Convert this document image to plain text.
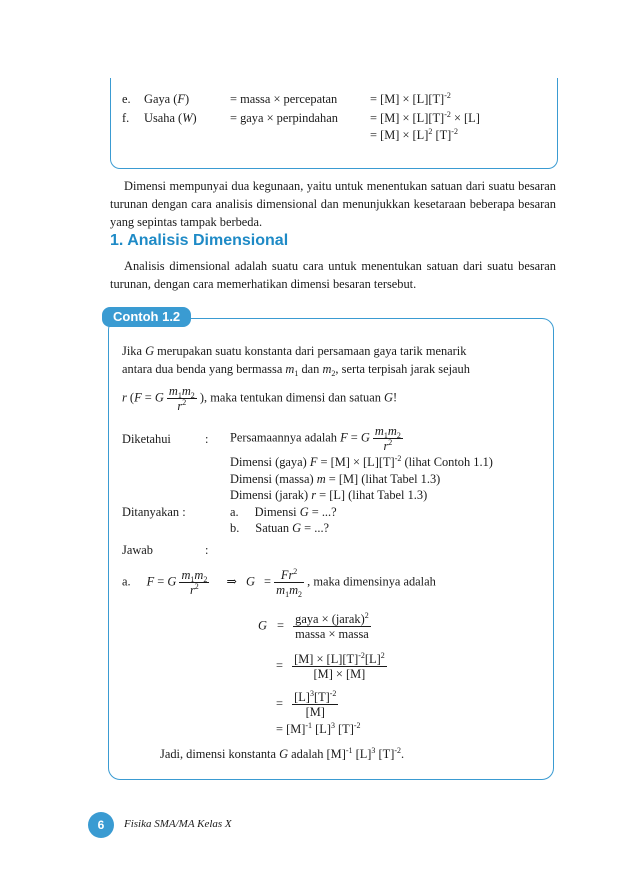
e. Gaya (F)	= massa × percepatan	= $[M] \times [L][T]^{-2}$
f. Usaha (W)	= gaya × perpindahan	= $[M] \times [L][T]^{-2} \times [L]$
= $[M] \times [L]^2$ $[T]^{-2}$
Dimensi mempunyai dua kegunaan, yaitu untuk menentukan satuan dari suatu besaran turunan dengan cara analisis dimensional dan menunjukkan kesetaraan beberapa besaran yang sepintas tampak berbeda.
1. Analisis Dimensional
Analisis dimensional adalah suatu cara untuk menentukan satuan dari suatu besaran turunan, dengan cara memerhatikan dimensi besaran tersebut.
Contoh 1.2
Jika G merupakan suatu konstanta dari persamaan gaya tarik menarik
antara dua benda yang bermassa $m_1$ dan $m_2$, serta terpisah jarak sejauh
r (F = G $\frac{m_1m_2}{r^2}$ ), maka tentukan dimensi dan satuan G!
Diketahui	: Persamaannya adalah F = G $\frac{m_1m_2}{r^2}$
Dimensi (gaya) $F = [M] \times [L][T]^{-2}$ (lihat Contoh 1.1)
Dimensi (massa) m = [M] (lihat Tabel 1.3)
Dimensi (jarak) r = [L] (lihat Tabel 1.3)
Ditanyakan :	a. Dimensi G = ...?
b. Satuan G = ...?
Jawab	:
a. F = G $\frac{m_1m_2}{r^2}$ ⇒ $G = \frac{Fr^2}{m_1m_2}$ , maka dimensinya adalah
$G = \frac{gaya \times (jarak)^2}{\text{massa × massa}}$
= $\frac{[M] \times [L][T]^{-2}[L]^2}{[M] \times [M]}$
= $\frac{[L]^3[T]^{-2}}{[M]}$
= $[M]^{-1}$ $[L]^3$ $[T]^{-2}$
Jadi, dimensi konstanta G adalah $[M]^{-1}$ $[L]^3$ $[T]^{-2}$.
6	Fisika SMA/MA Kelas X
